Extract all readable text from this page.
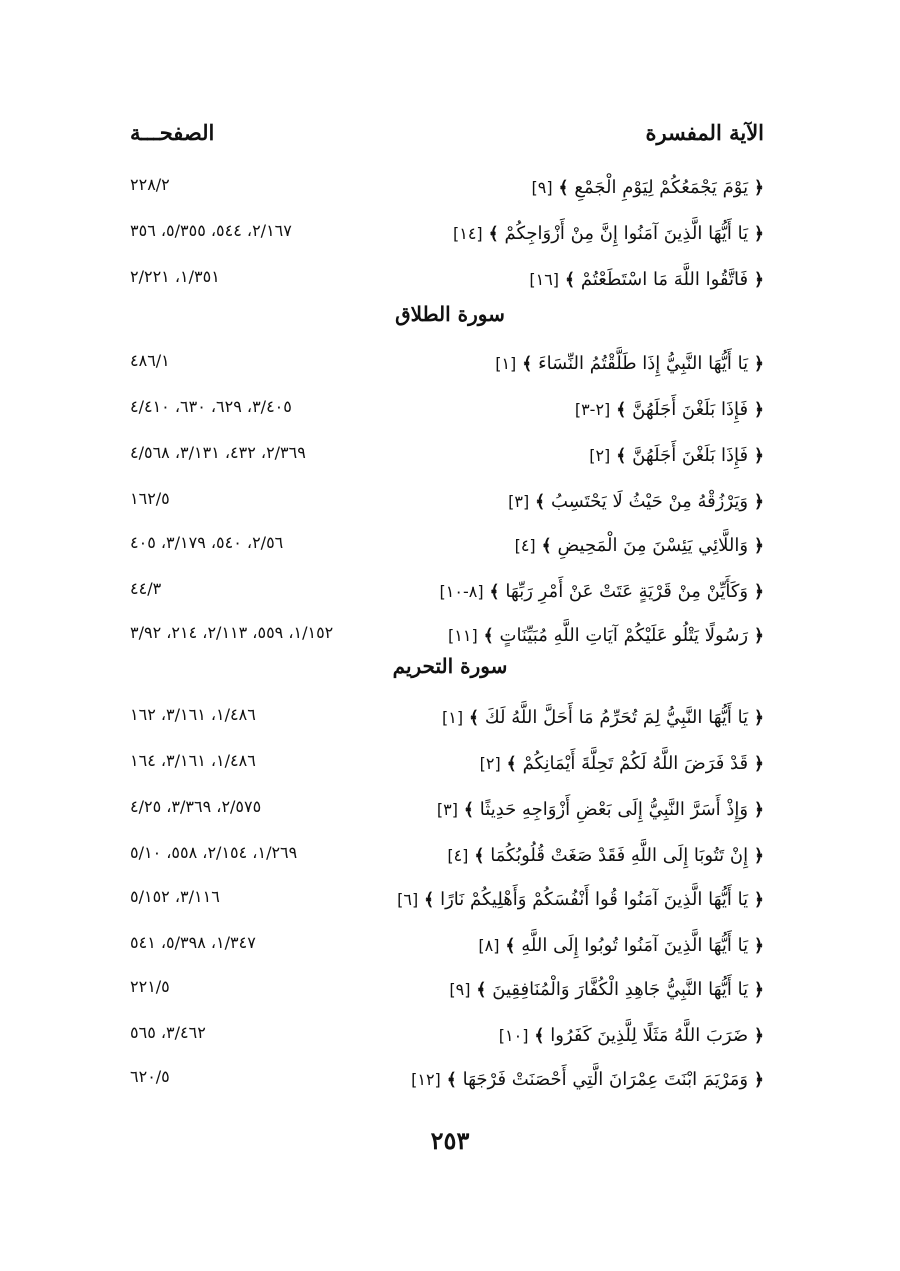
الآية المفسرة
الصفحـــة
٢٥٣
﴿ يَوْمَ يَجْمَعُكُمْ لِيَوْمِ الْجَمْعِ ﴾ [٩]
٢٢٨/٢
﴿ يَا أَيُّهَا الَّذِينَ آمَنُوا إِنَّ مِنْ أَزْوَاجِكُمْ ﴾ [١٤]
٢/١٦٧، ٥٤٤، ٥/٣٥٥، ٣٥٦
﴿ فَاتَّقُوا اللَّهَ مَا اسْتَطَعْتُمْ ﴾ [١٦]
١/٣٥١، ٢/٢٢١
سورة الطلاق
﴿ يَا أَيُّهَا النَّبِيُّ إِذَا طَلَّقْتُمُ النِّسَاءَ ﴾ [١]
٤٨٦/١
﴿ فَإِذَا بَلَغْنَ أَجَلَهُنَّ ﴾ [٢-٣]
٣/٤٠٥، ٦٢٩، ٦٣٠، ٤/٤١٠
﴿ فَإِذَا بَلَغْنَ أَجَلَهُنَّ ﴾ [٢]
٢/٣٦٩، ٤٣٢، ٣/١٣١، ٤/٥٦٨
﴿ وَيَرْزُقْهُ مِنْ حَيْثُ لَا يَحْتَسِبُ ﴾ [٣]
١٦٢/٥
﴿ وَاللَّائِي يَئِسْنَ مِنَ الْمَحِيضِ ﴾ [٤]
٢/٥٦، ٥٤٠، ٣/١٧٩، ٤٠٥
﴿ وَكَأَيِّنْ مِنْ قَرْيَةٍ عَتَتْ عَنْ أَمْرِ رَبِّهَا ﴾ [٨-١٠]
٤٤/٣
﴿ رَسُولًا يَتْلُو عَلَيْكُمْ آيَاتِ اللَّهِ مُبَيِّنَاتٍ ﴾ [١١]
١/١٥٢، ٥٥٩، ٢/١١٣، ٢١٤، ٣/٩٢
سورة التحريم
﴿ يَا أَيُّهَا النَّبِيُّ لِمَ تُحَرِّمُ مَا أَحَلَّ اللَّهُ لَكَ ﴾ [١]
١/٤٨٦، ٣/١٦١، ١٦٢
﴿ قَدْ فَرَضَ اللَّهُ لَكُمْ تَحِلَّةَ أَيْمَانِكُمْ ﴾ [٢]
١/٤٨٦، ٣/١٦١، ١٦٤
﴿ وَإِذْ أَسَرَّ النَّبِيُّ إِلَى بَعْضِ أَزْوَاجِهِ حَدِيثًا ﴾ [٣]
٢/٥٧٥، ٣/٣٦٩، ٤/٢٥
﴿ إِنْ تَتُوبَا إِلَى اللَّهِ فَقَدْ صَغَتْ قُلُوبُكُمَا ﴾ [٤]
١/٢٦٩، ٢/١٥٤، ٥٥٨، ٥/١٠
﴿ يَا أَيُّهَا الَّذِينَ آمَنُوا قُوا أَنْفُسَكُمْ وَأَهْلِيكُمْ نَارًا ﴾ [٦]
٣/١١٦، ٥/١٥٢
﴿ يَا أَيُّهَا الَّذِينَ آمَنُوا تُوبُوا إِلَى اللَّهِ ﴾ [٨]
١/٣٤٧، ٥/٣٩٨، ٥٤١
﴿ يَا أَيُّهَا النَّبِيُّ جَاهِدِ الْكُفَّارَ وَالْمُنَافِقِينَ ﴾ [٩]
٢٢١/٥
﴿ ضَرَبَ اللَّهُ مَثَلًا لِلَّذِينَ كَفَرُوا ﴾ [١٠]
٣/٤٦٢، ٥٦٥
﴿ وَمَرْيَمَ ابْنَتَ عِمْرَانَ الَّتِي أَحْصَنَتْ فَرْجَهَا ﴾ [١٢]
٦٢٠/٥
